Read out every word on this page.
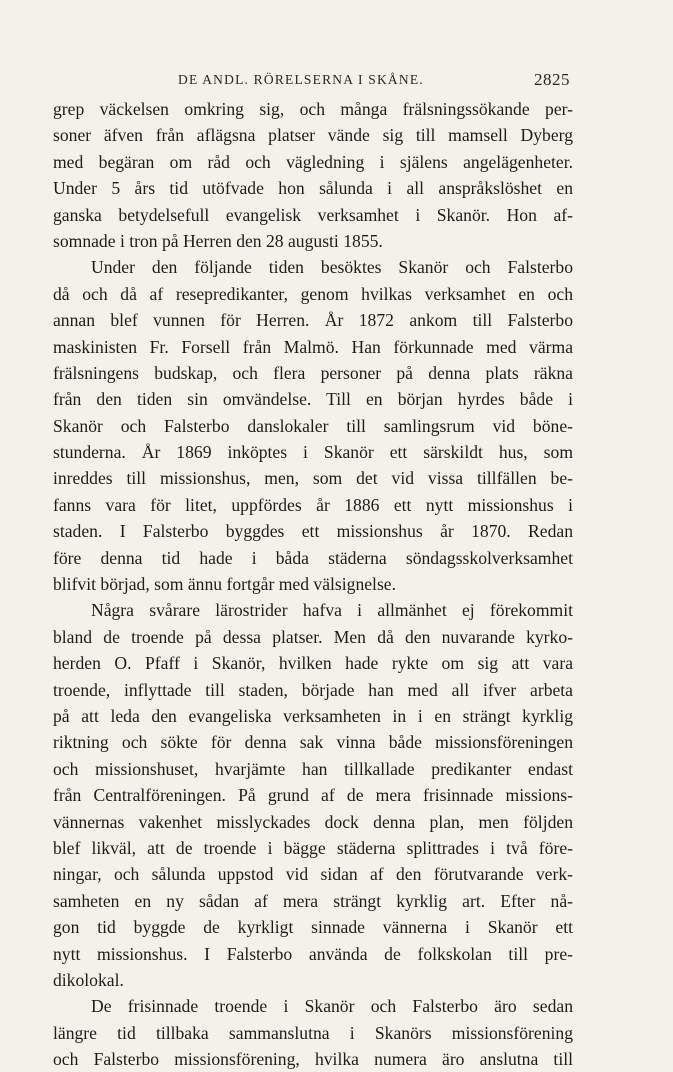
DE ANDL. RÖRELSERNA I SKÅNE.	2825
grep väckelsen omkring sig, och många frälsningssökande per-
soner äfven från aflägsna platser vände sig till mamsell Dyberg
med begäran om råd och vägledning i själens angelägenheter.
Under 5 års tid utöfvade hon sålunda i all anspråkslöshet en
ganska betydelsefull evangelisk verksamhet i Skanör. Hon af-
somnade i tron på Herren den 28 augusti 1855.
Under den följande tiden besöktes Skanör och Falsterbo
då och då af resepredikanter, genom hvilkas verksamhet en och
annan blef vunnen för Herren. År 1872 ankom till Falsterbo
maskinisten Fr. Forsell från Malmö. Han förkunnade med värma
frälsningens budskap, och flera personer på denna plats räkna
från den tiden sin omvändelse. Till en början hyrdes både i
Skanör och Falsterbo danslokaler till samlingsrum vid böne-
stunderna. År 1869 inköptes i Skanör ett särskildt hus, som
inreddes till missionshus, men, som det vid vissa tillfällen be-
fanns vara för litet, uppfördes år 1886 ett nytt missionshus i
staden. I Falsterbo byggdes ett missionshus år 1870. Redan
före denna tid hade i båda städerna söndagsskolverksamhet
blifvit börjad, som ännu fortgår med välsignelse.
Några svårare lärostrider hafva i allmänhet ej förekommit
bland de troende på dessa platser. Men då den nuvarande kyrko-
herden O. Pfaff i Skanör, hvilken hade rykte om sig att vara
troende, inflyttade till staden, började han med all ifver arbeta
på att leda den evangeliska verksamheten in i en strängt kyrklig
riktning och sökte för denna sak vinna både missionsföreningen
och missionshuset, hvarjämte han tillkallade predikanter endast
från Centralföreningen. På grund af de mera frisinnade missions-
vännernas vakenhet misslyckades dock denna plan, men följden
blef likväl, att de troende i bägge städerna splittrades i två före-
ningar, och sålunda uppstod vid sidan af den förutvarande verk-
samheten en ny sådan af mera strängt kyrklig art. Efter nå-
gon tid byggde de kyrkligt sinnade vännerna i Skanör ett
nytt missionshus. I Falsterbo använda de folkskolan till pre-
dikolokal.
De frisinnade troende i Skanör och Falsterbo äro sedan
längre tid tillbaka sammanslutna i Skanörs missionsförening
och Falsterbo missionsförening, hvilka numera äro anslutna till
